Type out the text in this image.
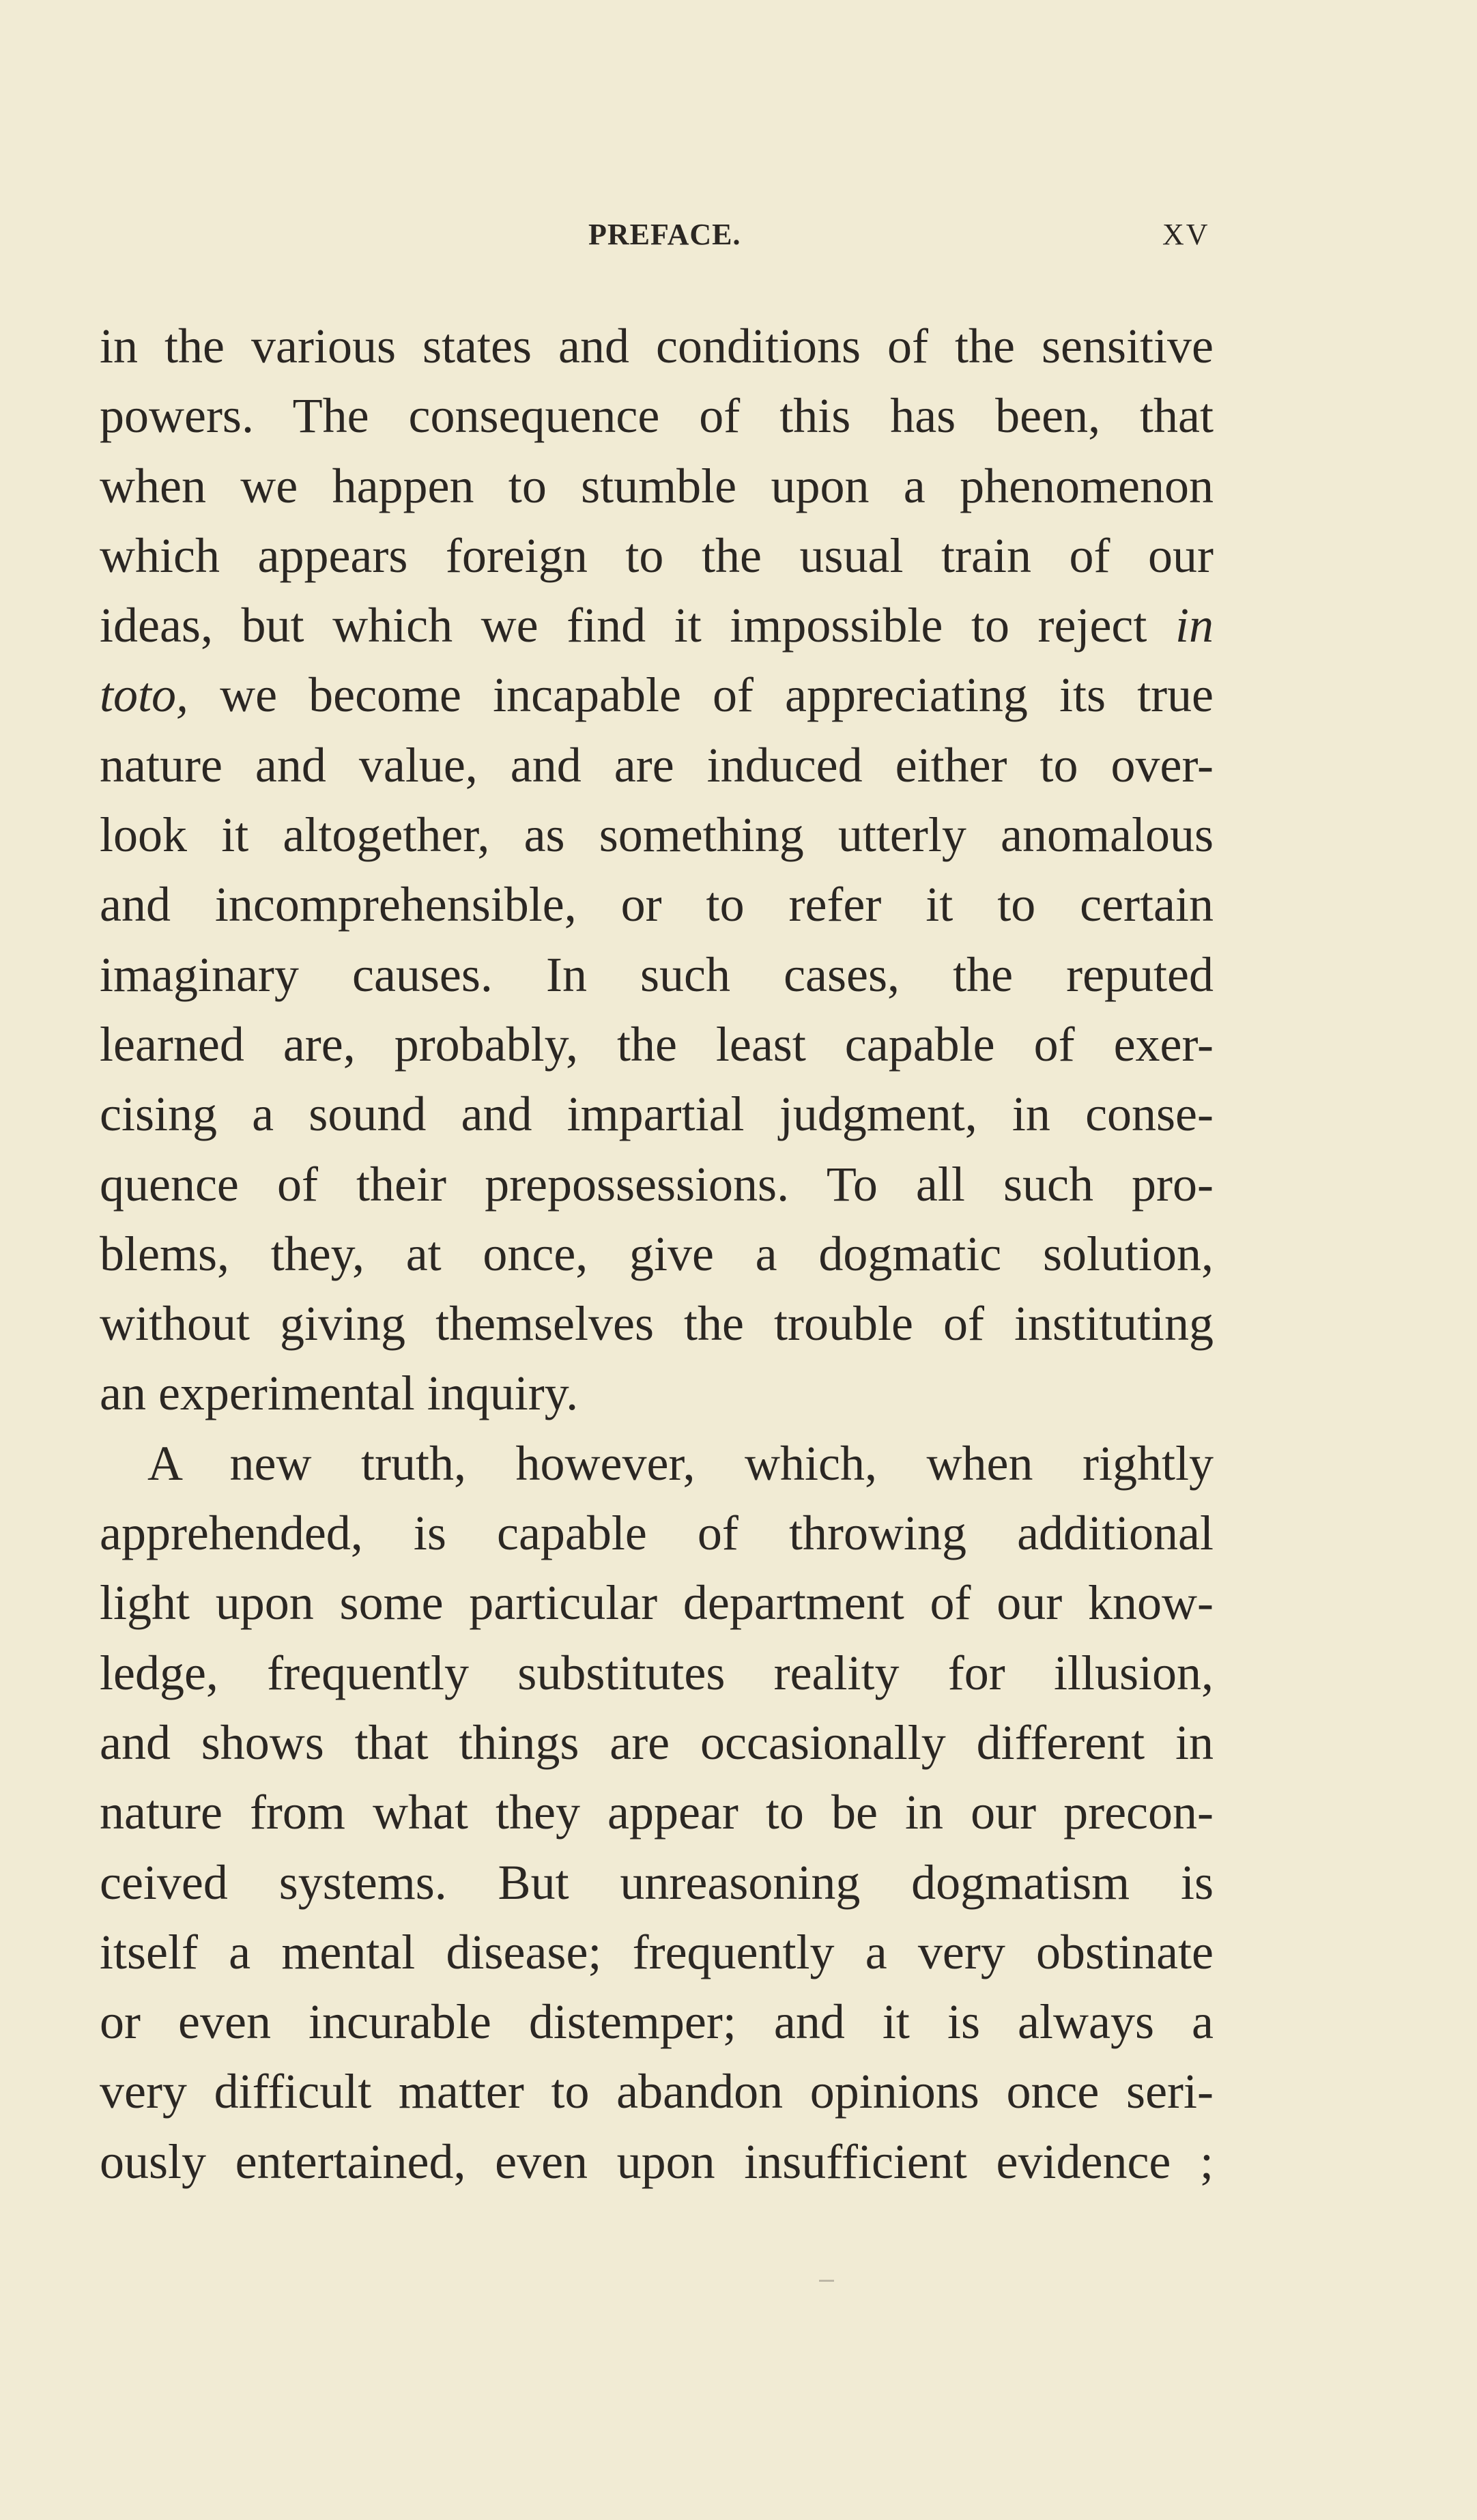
PREFACE.	XV
in the various states and conditions of the sensitive
powers. The consequence of this has been, that
when we happen to stumble upon a phenomenon
which appears foreign to the usual train of our
ideas, but which we find it impossible to reject in
toto, we become incapable of appreciating its true
nature and value, and are induced either to over-
look it altogether, as something utterly anomalous
and incomprehensible, or to refer it to certain
imaginary causes. In such cases, the reputed
learned are, probably, the least capable of exer-
cising a sound and impartial judgment, in conse-
quence of their prepossessions. To all such pro-
blems, they, at once, give a dogmatic solution,
without giving themselves the trouble of instituting
an experimental inquiry.
A new truth, however, which, when rightly
apprehended, is capable of throwing additional
light upon some particular department of our know-
ledge, frequently substitutes reality for illusion,
and shows that things are occasionally different in
nature from what they appear to be in our precon-
ceived systems. But unreasoning dogmatism is
itself a mental disease; frequently a very obstinate
or even incurable distemper; and it is always a
very difficult matter to abandon opinions once seri-
ously entertained, even upon insufficient evidence ;
